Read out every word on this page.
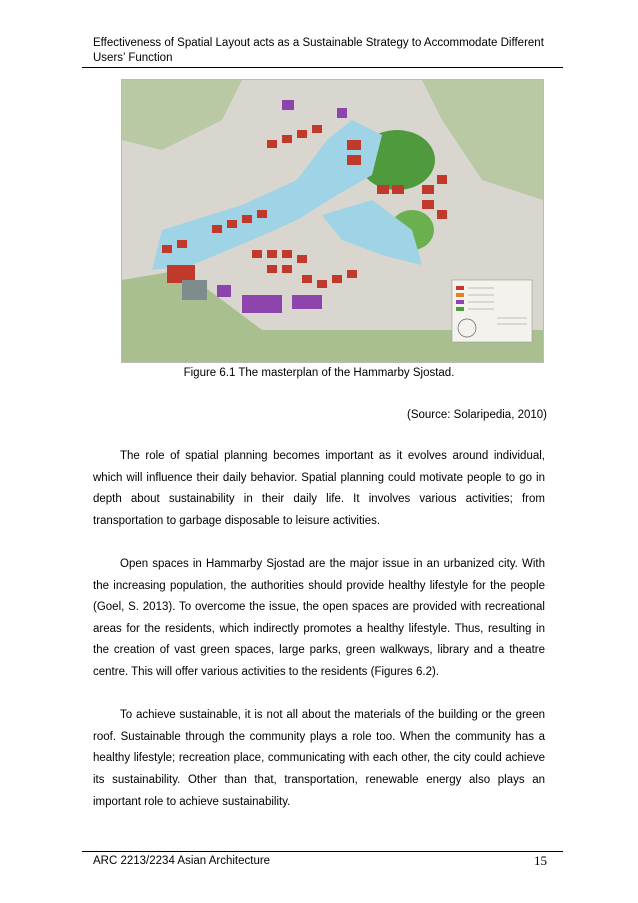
Effectiveness of Spatial Layout acts as a Sustainable Strategy to Accommodate Different Users’ Function
Figure 6.1 The masterplan of the Hammarby Sjostad.
(Source: Solaripedia, 2010)

The role of spatial planning becomes important as it evolves around individual, which will influence their daily behavior. Spatial planning could motivate people to go in depth about sustainability in their daily life. It involves various activities; from transportation to garbage disposable to leisure activities.

Open spaces in Hammarby Sjostad are the major issue in an urbanized city. With the increasing population, the authorities should provide healthy lifestyle for the people (Goel, S. 2013). To overcome the issue, the open spaces are provided with recreational areas for the residents, which indirectly promotes a healthy lifestyle. Thus, resulting in the creation of vast green spaces, large parks, green walkways, library and a theatre centre. This will offer various activities to the residents (Figures 6.2).

To achieve sustainable, it is not all about the materials of the building or the green roof. Sustainable through the community plays a role too. When the community has a healthy lifestyle; recreation place, communicating with each other, the city could achieve its sustainability. Other than that, transportation, renewable energy also plays an important role to achieve sustainability.

ARC 2213/2234 Asian Architecture	15
